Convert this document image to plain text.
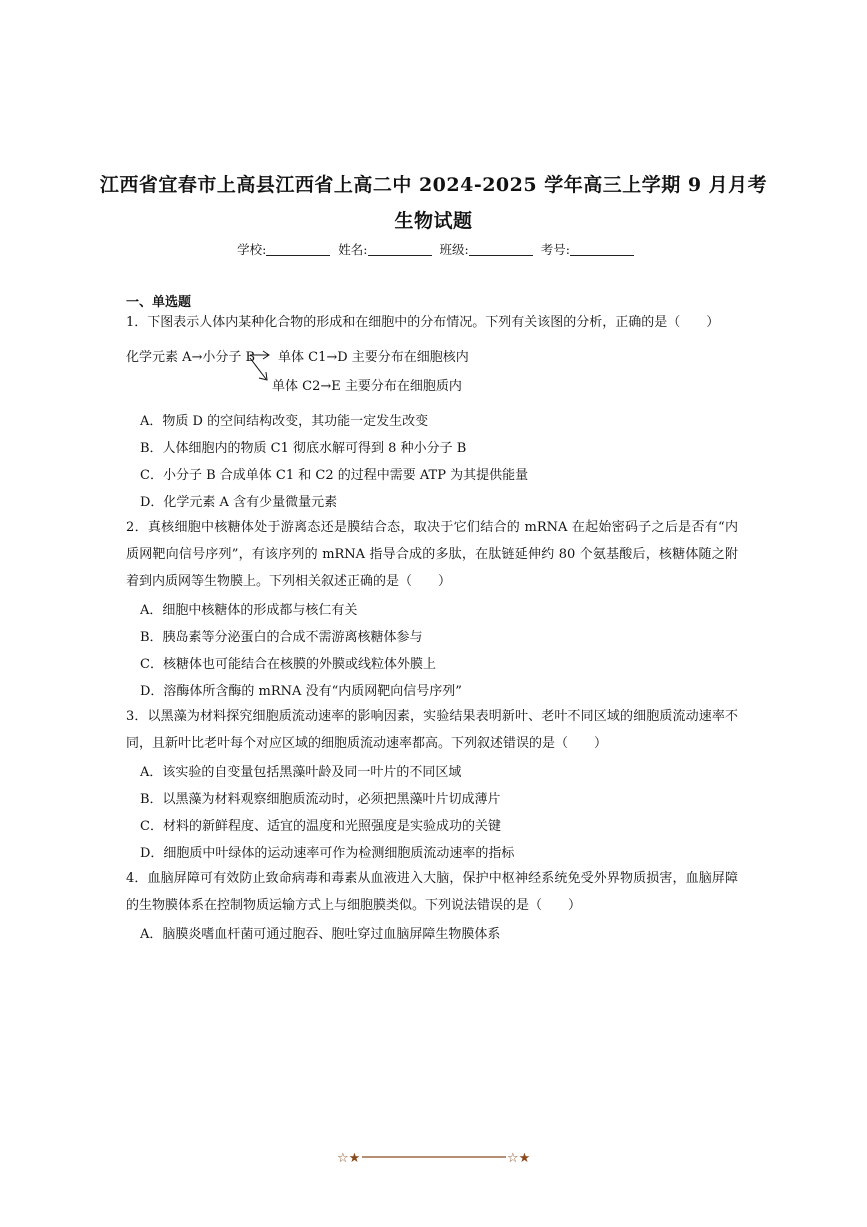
江西省宜春市上高县江西省上高二中 2024-2025 学年高三上学期 9 月月考
生物试题
学校:	姓名:	班级:	考号:
一、单选题
1．下图表示人体内某种化合物的形成和在细胞中的分布情况。下列有关该图的分析，正确的是（　　）
化学元素 A→小分子 B 单体 C1→D 主要分布在细胞核内
单体 C2→E 主要分布在细胞质内
A．物质 D 的空间结构改变，其功能一定发生改变
B．人体细胞内的物质 C1 彻底水解可得到 8 种小分子 B
C．小分子 B 合成单体 C1 和 C2 的过程中需要 ATP 为其提供能量
D．化学元素 A 含有少量微量元素
2．真核细胞中核糖体处于游离态还是膜结合态，取决于它们结合的 mRNA 在起始密码子之后是否有“内质网靶向信号序列”，有该序列的 mRNA 指导合成的多肽，在肽链延伸约 80 个氨基酸后，核糖体随之附着到内质网等生物膜上。下列相关叙述正确的是（　　）
A．细胞中核糖体的形成都与核仁有关
B．胰岛素等分泌蛋白的合成不需游离核糖体参与
C．核糖体也可能结合在核膜的外膜或线粒体外膜上
D．溶酶体所含酶的 mRNA 没有“内质网靶向信号序列”
3．以黑藻为材料探究细胞质流动速率的影响因素，实验结果表明新叶、老叶不同区域的细胞质流动速率不同，且新叶比老叶每个对应区域的细胞质流动速率都高。下列叙述错误的是（　　）
A．该实验的自变量包括黑藻叶龄及同一叶片的不同区域
B．以黑藻为材料观察细胞质流动时，必须把黑藻叶片切成薄片
C．材料的新鲜程度、适宜的温度和光照强度是实验成功的关键
D．细胞质中叶绿体的运动速率可作为检测细胞质流动速率的指标
4．血脑屏障可有效防止致命病毒和毒素从血液进入大脑，保护中枢神经系统免受外界物质损害，血脑屏障的生物膜体系在控制物质运输方式上与细胞膜类似。下列说法错误的是（　　）
A．脑膜炎嗜血杆菌可通过胞吞、胞吐穿过血脑屏障生物膜体系
☆★	☆★
